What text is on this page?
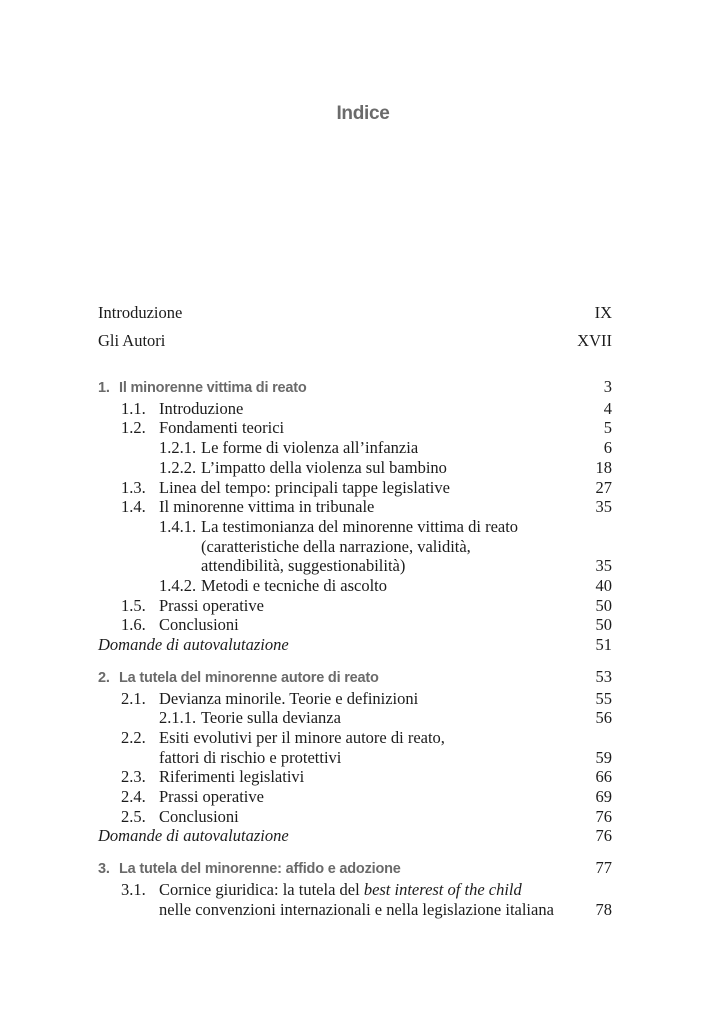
Indice
Introduzione	IX
Gli Autori	XVII
1. Il minorenne vittima di reato	3
1.1. Introduzione	4
1.2. Fondamenti teorici	5
1.2.1. Le forme di violenza all’infanzia	6
1.2.2. L’impatto della violenza sul bambino	18
1.3. Linea del tempo: principali tappe legislative	27
1.4. Il minorenne vittima in tribunale	35
1.4.1. La testimonianza del minorenne vittima di reato
(caratteristiche della narrazione, validità,
attendibilità, suggestionabilità)	35
1.4.2. Metodi e tecniche di ascolto	40
1.5. Prassi operative	50
1.6. Conclusioni	50
Domande di autovalutazione	51
2. La tutela del minorenne autore di reato	53
2.1. Devianza minorile. Teorie e definizioni	55
2.1.1. Teorie sulla devianza	56
2.2. Esiti evolutivi per il minore autore di reato,
fattori di rischio e protettivi	59
2.3. Riferimenti legislativi	66
2.4. Prassi operative	69
2.5. Conclusioni	76
Domande di autovalutazione	76
3. La tutela del minorenne: affido e adozione	77
3.1. Cornice giuridica: la tutela del best interest of the child
nelle convenzioni internazionali e nella legislazione italiana	78
